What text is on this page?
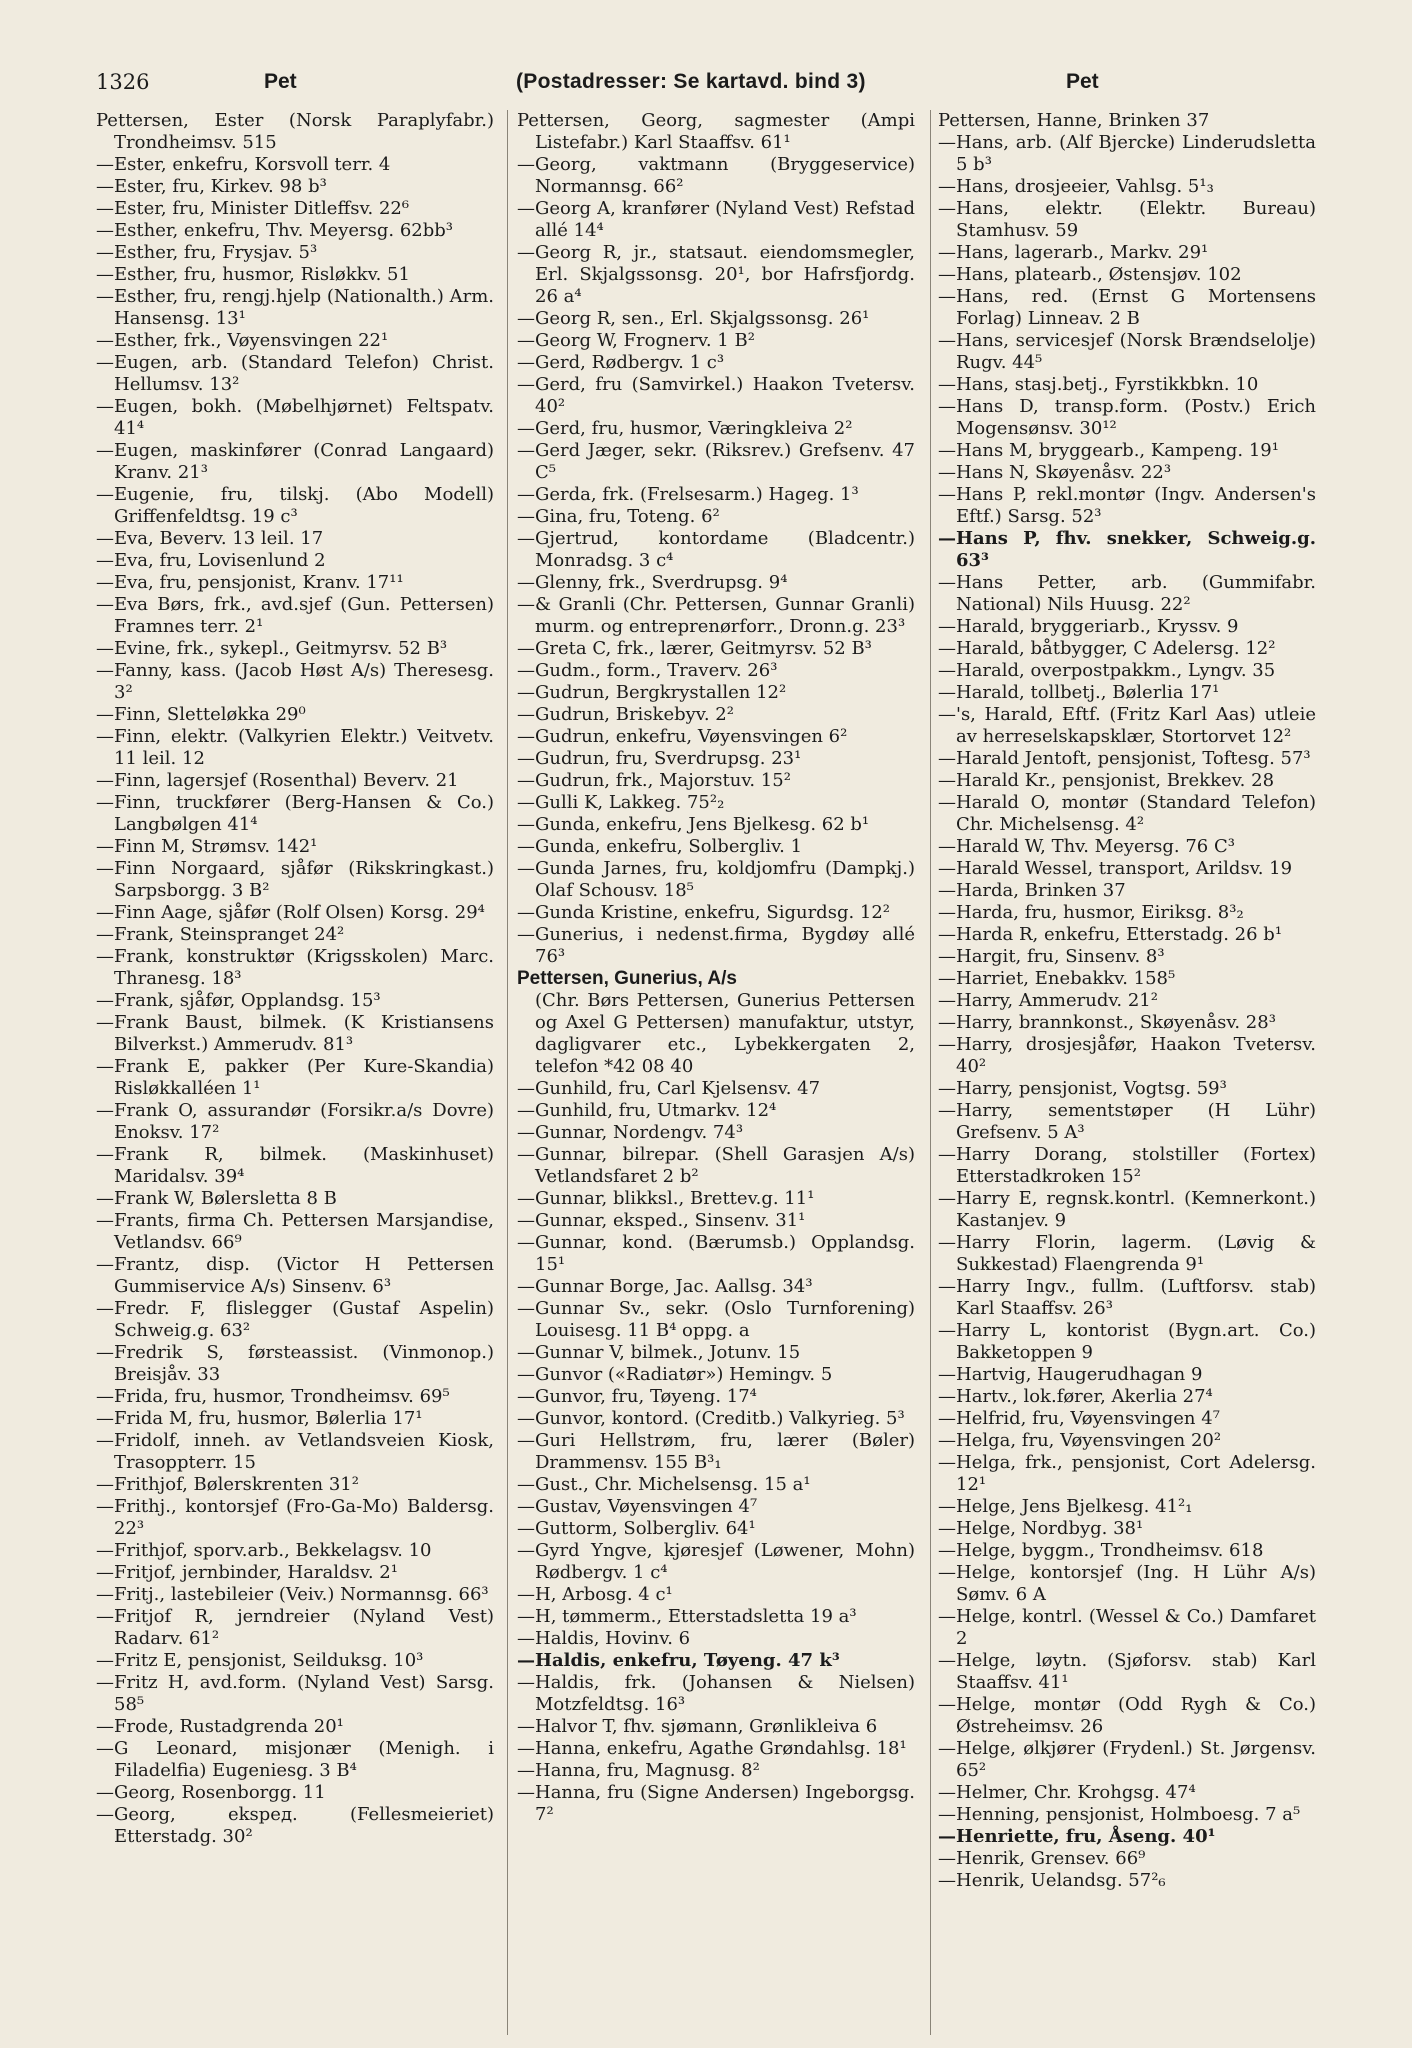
1326	Pet	(Postadresser: Se kartavd. bind 3)	Pet

Pettersen, Ester (Norsk Paraplyfabr.) Trondheimsv. 515

—Ester, enkefru, Korsvoll terr. 4

—Ester, fru, Kirkev. 98 b³

—Ester, fru, Minister Ditleffsv. 22⁶

—Esther, enkefru, Thv. Meyersg. 62bb³

—Esther, fru, Frysjav. 5³

—Esther, fru, husmor, Risløkkv. 51

—Esther, fru, rengj.hjelp (Nationalth.) Arm. Hansensg. 13¹

—Esther, frk., Vøyensvingen 22¹

—Eugen, arb. (Standard Telefon) Christ. Hellumsv. 13²

—Eugen, bokh. (Møbelhjørnet) Feltspatv. 41⁴

—Eugen, maskinfører (Conrad Langaard) Kranv. 21³

—Eugenie, fru, tilskj. (Abo Modell) Griffenfeldtsg. 19 c³

—Eva, Beverv. 13 leil. 17

—Eva, fru, Lovisenlund 2

—Eva, fru, pensjonist, Kranv. 17¹¹

—Eva Børs, frk., avd.sjef (Gun. Pettersen) Framnes terr. 2¹

—Evine, frk., sykepl., Geitmyrsv. 52 B³

—Fanny, kass. (Jacob Høst A/s) Theresesg. 3²

—Finn, Sletteløkka 29⁰

—Finn, elektr. (Valkyrien Elektr.) Veitvetv. 11 leil. 12

—Finn, lagersjef (Rosenthal) Beverv. 21

—Finn, truckfører (Berg-Hansen & Co.) Langbølgen 41⁴

—Finn M, Strømsv. 142¹

—Finn Norgaard, sjåfør (Rikskringkast.) Sarpsborgg. 3 B²

—Finn Aage, sjåfør (Rolf Olsen) Korsg. 29⁴

—Frank, Steinspranget 24²

—Frank, konstruktør (Krigsskolen) Marc. Thranesg. 18³

—Frank, sjåfør, Opplandsg. 15³

—Frank Baust, bilmek. (K Kristiansens Bilverkst.) Ammerudv. 81³

—Frank E, pakker (Per Kure-Skandia) Risløkkalléen 1¹

—Frank O, assurandør (Forsikr.a/s Dovre) Enoksv. 17²

—Frank R, bilmek. (Maskinhuset) Maridalsv. 39⁴

—Frank W, Bølersletta 8 B

—Frants, firma Ch. Pettersen Marsjandise, Vetlandsv. 66⁹

—Frantz, disp. (Victor H Pettersen Gummiservice A/s) Sinsenv. 6³

—Fredr. F, flislegger (Gustaf Aspelin) Schweig.g. 63²

—Fredrik S, førsteassist. (Vinmonop.) Breisjåv. 33

—Frida, fru, husmor, Trondheimsv. 69⁵

—Frida M, fru, husmor, Bølerlia 17¹

—Fridolf, inneh. av Vetlandsveien Kiosk, Trasoppterr. 15

—Frithjof, Bølerskrenten 31²

—Frithj., kontorsjef (Fro-Ga-Mo) Baldersg. 22³

—Frithjof, sporv.arb., Bekkelagsv. 10

—Fritjof, jernbinder, Haraldsv. 2¹

—Fritj., lastebileier (Veiv.) Normannsg. 66³

—Fritjof R, jerndreier (Nyland Vest) Radarv. 61²

—Fritz E, pensjonist, Seilduksg. 10³

—Fritz H, avd.form. (Nyland Vest) Sarsg. 58⁵

—Frode, Rustadgrenda 20¹

—G Leonard, misjonær (Menigh. i Filadelfia) Eugeniesg. 3 B⁴

—Georg, Rosenborgg. 11

—Georg, ekspeд. (Fellesmeieriet) Etterstadg. 30²

Pettersen, Georg, sagmester (Ampi Listefabr.) Karl Staaffsv. 61¹

—Georg, vaktmann (Bryggeservice) Normannsg. 66²

—Georg A, kranfører (Nyland Vest) Refstad allé 14⁴

—Georg R, jr., statsaut. eiendomsmegler, Erl. Skjalgssonsg. 20¹, bor Hafrsfjordg. 26 a⁴

—Georg R, sen., Erl. Skjalgssonsg. 26¹

—Georg W, Frognerv. 1 B²

—Gerd, Rødbergv. 1 c³

—Gerd, fru (Samvirkel.) Haakon Tvetersv. 40²

—Gerd, fru, husmor, Væringkleiva 2²

—Gerd Jæger, sekr. (Riksrev.) Grefsenv. 47 C⁵

—Gerda, frk. (Frelsesarm.) Hageg. 1³

—Gina, fru, Toteng. 6²

—Gjertrud, kontordame (Bladcentr.) Monradsg. 3 c⁴

—Glenny, frk., Sverdrupsg. 9⁴

—& Granli (Chr. Pettersen, Gunnar Granli) murm. og entreprenørforr., Dronn.g. 23³

—Greta C, frk., lærer, Geitmyrsv. 52 B³

—Gudm., form., Traverv. 26³

—Gudrun, Bergkrystallen 12²

—Gudrun, Briskebyv. 2²

—Gudrun, enkefru, Vøyensvingen 6²

—Gudrun, fru, Sverdrupsg. 23¹

—Gudrun, frk., Majorstuv. 15²

—Gulli K, Lakkeg. 75²₂

—Gunda, enkefru, Jens Bjelkesg. 62 b¹

—Gunda, enkefru, Solbergliv. 1

—Gunda Jarnes, fru, koldjomfru (Dampkj.) Olaf Schousv. 18⁵

—Gunda Kristine, enkefru, Sigurdsg. 12²

—Gunerius, i nedenst.firma, Bygdøy allé 76³

Pettersen, Gunerius, A/s

(Chr. Børs Pettersen, Gunerius Pettersen og Axel G Pettersen) manufaktur, utstyr, dagligvarer etc., Lybekkergaten 2, telefon *42 08 40

—Gunhild, fru, Carl Kjelsensv. 47

—Gunhild, fru, Utmarkv. 12⁴

—Gunnar, Nordengv. 74³

—Gunnar, bilrepar. (Shell Garasjen A/s) Vetlandsfaret 2 b²

—Gunnar, blikksl., Brettev.g. 11¹

—Gunnar, eksped., Sinsenv. 31¹

—Gunnar, kond. (Bærumsb.) Opplandsg. 15¹

—Gunnar Borge, Jac. Aallsg. 34³

—Gunnar Sv., sekr. (Oslo Turnforening) Louisesg. 11 B⁴ oppg. a

—Gunnar V, bilmek., Jotunv. 15

—Gunvor («Radiatør») Hemingv. 5

—Gunvor, fru, Tøyeng. 17⁴

—Gunvor, kontord. (Creditb.) Valkyrieg. 5³

—Guri Hellstrøm, fru, lærer (Bøler) Drammensv. 155 B³₁

—Gust., Chr. Michelsensg. 15 a¹

—Gustav, Vøyensvingen 4⁷

—Guttorm, Solbergliv. 64¹

—Gyrd Yngve, kjøresjef (Løwener, Mohn) Rødbergv. 1 c⁴

—H, Arbosg. 4 c¹

—H, tømmerm., Etterstadsletta 19 a³

—Haldis, Hovinv. 6

—Haldis, enkefru, Tøyeng. 47 k³

—Haldis, frk. (Johansen & Nielsen) Motzfeldtsg. 16³

—Halvor T, fhv. sjømann, Grønlikleiva 6

—Hanna, enkefru, Agathe Grøndahlsg. 18¹

—Hanna, fru, Magnusg. 8²

—Hanna, fru (Signe Andersen) Ingeborgsg. 7²

Pettersen, Hanne, Brinken 37

—Hans, arb. (Alf Bjercke) Linderudsletta 5 b³

—Hans, drosjeeier, Vahlsg. 5¹₃

—Hans, elektr. (Elektr. Bureau) Stamhusv. 59

—Hans, lagerarb., Markv. 29¹

—Hans, platearb., Østensjøv. 102

—Hans, red. (Ernst G Mortensens Forlag) Linneav. 2 B

—Hans, servicesjef (Norsk Brændselolje) Rugv. 44⁵

—Hans, stasj.betj., Fyrstikkbkn. 10

—Hans D, transp.form. (Postv.) Erich Mogensønsv. 30¹²

—Hans M, bryggearb., Kampeng. 19¹

—Hans N, Skøyenåsv. 22³

—Hans P, rekl.montør (Ingv. Andersen's Eftf.) Sarsg. 52³

—Hans P, fhv. snekker, Schweig.g. 63³

—Hans Petter, arb. (Gummifabr. National) Nils Huusg. 22²

—Harald, bryggeriarb., Kryssv. 9

—Harald, båtbygger, C Adelersg. 12²

—Harald, overpostpakkm., Lyngv. 35

—Harald, tollbetj., Bølerlia 17¹

—'s, Harald, Eftf. (Fritz Karl Aas) utleie av herreselskapsklær, Stortorvet 12²

—Harald Jentoft, pensjonist, Toftesg. 57³

—Harald Kr., pensjonist, Brekkev. 28

—Harald O, montør (Standard Telefon) Chr. Michelsensg. 4²

—Harald W, Thv. Meyersg. 76 C³

—Harald Wessel, transport, Arildsv. 19

—Harda, Brinken 37

—Harda, fru, husmor, Eiriksg. 8³₂

—Harda R, enkefru, Etterstadg. 26 b¹

—Hargit, fru, Sinsenv. 8³

—Harriet, Enebakkv. 158⁵

—Harry, Ammerudv. 21²

—Harry, brannkonst., Skøyenåsv. 28³

—Harry, drosjesjåfør, Haakon Tvetersv. 40²

—Harry, pensjonist, Vogtsg. 59³

—Harry, sementstøper (H Lühr) Grefsenv. 5 A³

—Harry Dorang, stolstiller (Fortex) Etterstadkroken 15²

—Harry E, regnsk.kontrl. (Kemnerkont.) Kastanjev. 9

—Harry Florin, lagerm. (Løvig & Sukkestad) Flaengrenda 9¹

—Harry Ingv., fullm. (Luftforsv. stab) Karl Staaffsv. 26³

—Harry L, kontorist (Bygn.art. Co.) Bakketoppen 9

—Hartvig, Haugerudhagan 9

—Hartv., lok.fører, Akerlia 27⁴

—Helfrid, fru, Vøyensvingen 4⁷

—Helga, fru, Vøyensvingen 20²

—Helga, frk., pensjonist, Cort Adelersg. 12¹

—Helge, Jens Bjelkesg. 41²₁

—Helge, Nordbyg. 38¹

—Helge, byggm., Trondheimsv. 618

—Helge, kontorsjef (Ing. H Lühr A/s) Sømv. 6 A

—Helge, kontrl. (Wessel & Co.) Damfaret 2

—Helge, løytn. (Sjøforsv. stab) Karl Staaffsv. 41¹

—Helge, montør (Odd Rygh & Co.) Østreheimsv. 26

—Helge, ølkjører (Frydenl.) St. Jørgensv. 65²

—Helmer, Chr. Krohgsg. 47⁴

—Henning, pensjonist, Holmboesg. 7 a⁵

—Henriette, fru, Åseng. 40¹

—Henrik, Grensev. 66⁹

—Henrik, Uelandsg. 57²₆
